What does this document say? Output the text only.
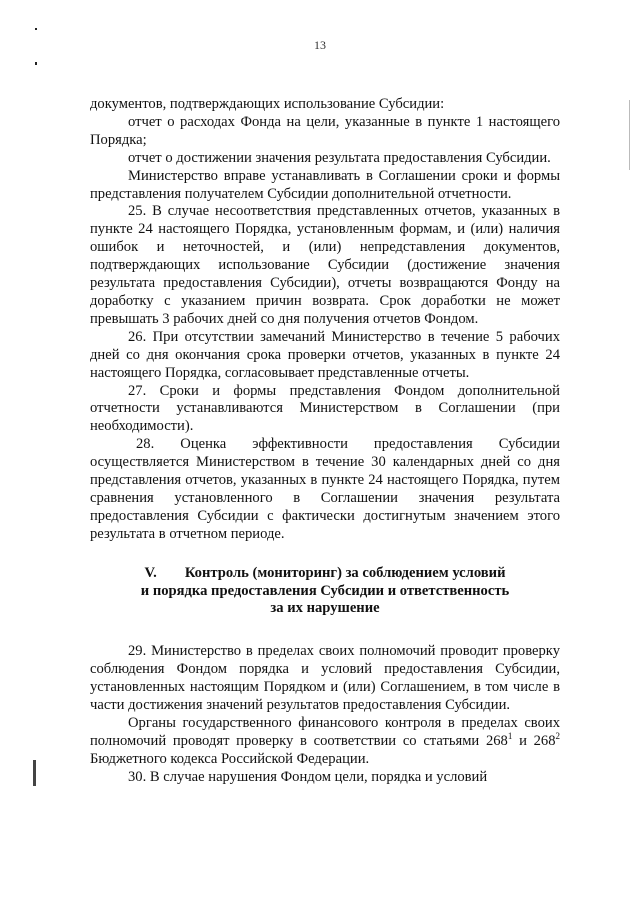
13

документов, подтверждающих использование Субсидии:

отчет о расходах Фонда на цели, указанные в пункте 1 настоящего Порядка;

отчет о достижении значения результата предоставления Субсидии.

Министерство вправе устанавливать в Соглашении сроки и формы представления получателем Субсидии дополнительной отчетности.

25. В случае несоответствия представленных отчетов, указанных в пункте 24 настоящего Порядка, установленным формам, и (или) наличия ошибок и неточностей, и (или) непредставления документов, подтверждающих использование Субсидии (достижение значения результата предоставления Субсидии), отчеты возвращаются Фонду на доработку с указанием причин возврата. Срок доработки не может превышать 3 рабочих дней со дня получения отчетов Фондом.

26. При отсутствии замечаний Министерство в течение 5 рабочих дней со дня окончания срока проверки отчетов, указанных в пункте 24 настоящего Порядка, согласовывает представленные отчеты.

27. Сроки и формы представления Фондом дополнительной отчетности устанавливаются Министерством в Соглашении (при необходимости).

28. Оценка эффективности предоставления Субсидии осуществляется Министерством в течение 30 календарных дней со дня представления отчетов, указанных в пункте 24 настоящего Порядка, путем сравнения установленного в Соглашении значения результата предоставления Субсидии с фактически достигнутым значением этого результата в отчетном периоде.

V. Контроль (мониторинг) за соблюдением условий
и порядка предоставления Субсидии и ответственность
за их нарушение

29. Министерство в пределах своих полномочий проводит проверку соблюдения Фондом порядка и условий предоставления Субсидии, установленных настоящим Порядком и (или) Соглашением, в том числе в части достижения значений результатов предоставления Субсидии.

Органы государственного финансового контроля в пределах своих полномочий проводят проверку в соответствии со статьями $268^1$ и $268^2$ Бюджетного кодекса Российской Федерации.

30. В случае нарушения Фондом цели, порядка и условий
